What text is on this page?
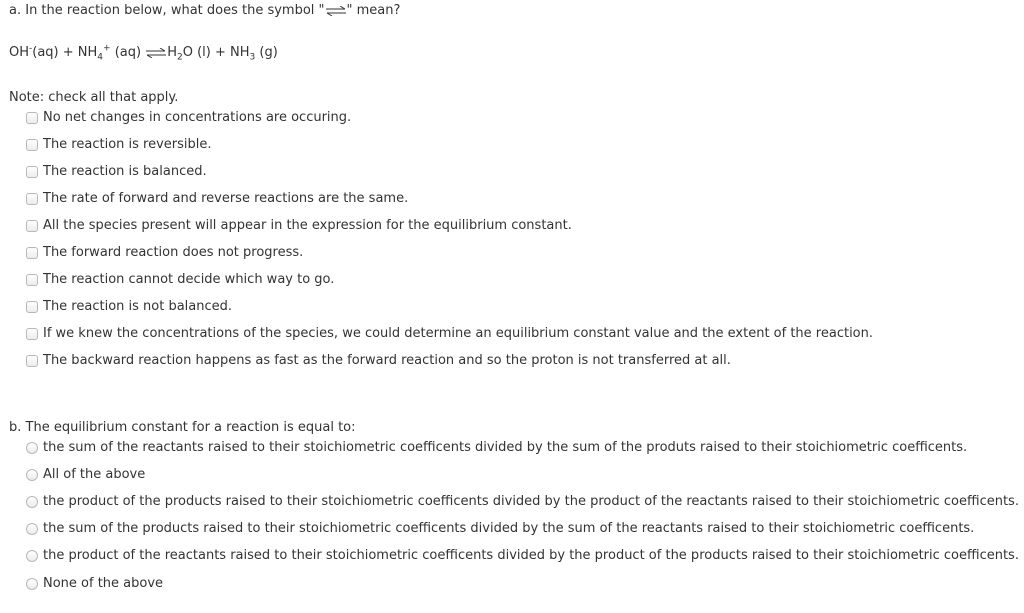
a. In the reaction below, what does the symbol "⇌" mean?
$OH^-(aq) + NH_4^+$ (aq) $\rightleftharpoons H_2O$ $(l) + NH_3$ (g)
Note: check all that apply.
No net changes in concentrations are occuring.
The reaction is reversible.
The reaction is balanced.
The rate of forward and reverse reactions are the same.
All the species present will appear in the expression for the equilibrium constant.
The forward reaction does not progress.
The reaction cannot decide which way to go.
The reaction is not balanced.
If we knew the concentrations of the species, we could determine an equilibrium constant value and the extent of the reaction.
The backward reaction happens as fast as the forward reaction and so the proton is not transferred at all.
b. The equilibrium constant for a reaction is equal to:
the sum of the reactants raised to their stoichiometric coefficents divided by the sum of the produts raised to their stoichiometric coefficents.
All of the above
the product of the products raised to their stoichiometric coefficents divided by the product of the reactants raised to their stoichiometric coefficents.
the sum of the products raised to their stoichiometric coefficents divided by the sum of the reactants raised to their stoichiometric coefficents.
the product of the reactants raised to their stoichiometric coefficents divided by the product of the products raised to their stoichiometric coefficents.
None of the above
